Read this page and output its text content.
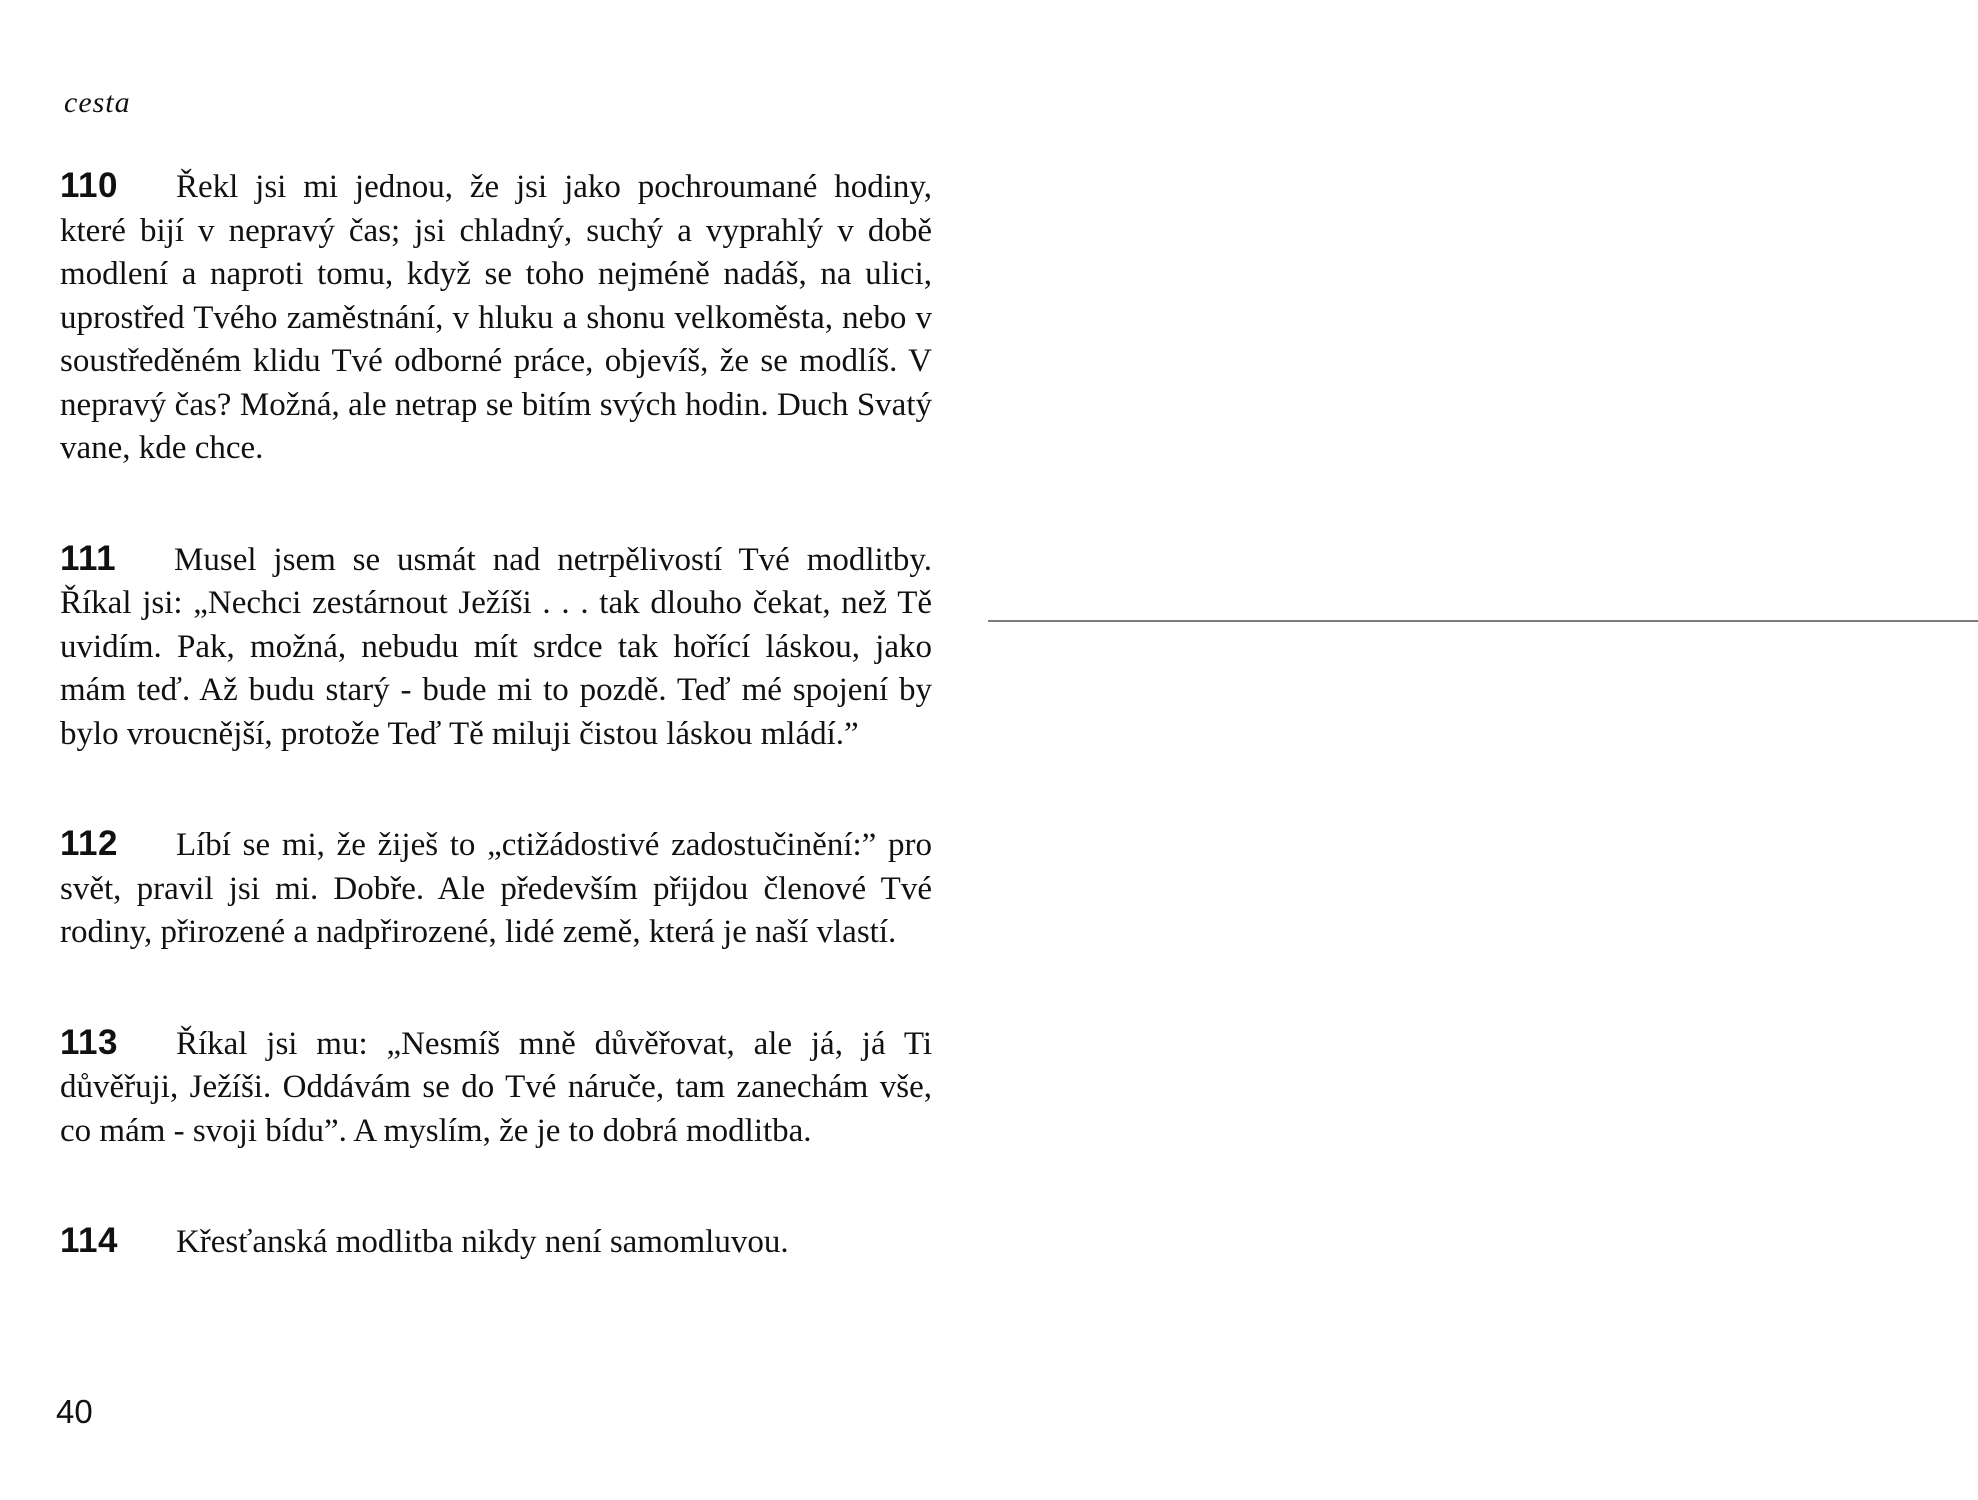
cesta

110 Řekl jsi mi jednou, že jsi jako pochroumané hodiny, které bijí v nepravý čas; jsi chladný, suchý a vyprahlý v době modlení a naproti tomu, když se toho nejméně nadáš, na ulici, uprostřed Tvého zaměstnání, v hluku a shonu velkoměsta, nebo v soustředěném klidu Tvé odborné práce, objevíš, že se modlíš. V nepravý čas? Možná, ale netrap se bitím svých hodin. Duch Svatý vane, kde chce.

111 Musel jsem se usmát nad netrpělivostí Tvé modlitby. Říkal jsi: „Nechci zestárnout Ježíši . . . tak dlouho čekat, než Tě uvidím. Pak, možná, nebudu mít srdce tak hořící láskou, jako mám teď. Až budu starý - bude mi to pozdě. Teď mé spojení by bylo vroucnější, protože Teď Tě miluji čistou láskou mládí.”

112 Líbí se mi, že žiješ to „ctižádostivé zadostučinění:” pro svět, pravil jsi mi. Dobře. Ale především přijdou členové Tvé rodiny, přirozené a nadpřirozené, lidé země, která je naší vlastí.

113 Říkal jsi mu: „Nesmíš mně důvěřovat, ale já, já Ti důvěřuji, Ježíši. Oddávám se do Tvé náruče, tam zanechám vše, co mám - svoji bídu”. A myslím, že je to dobrá modlitba.

114 Křesťanská modlitba nikdy není samomluvou.

40
